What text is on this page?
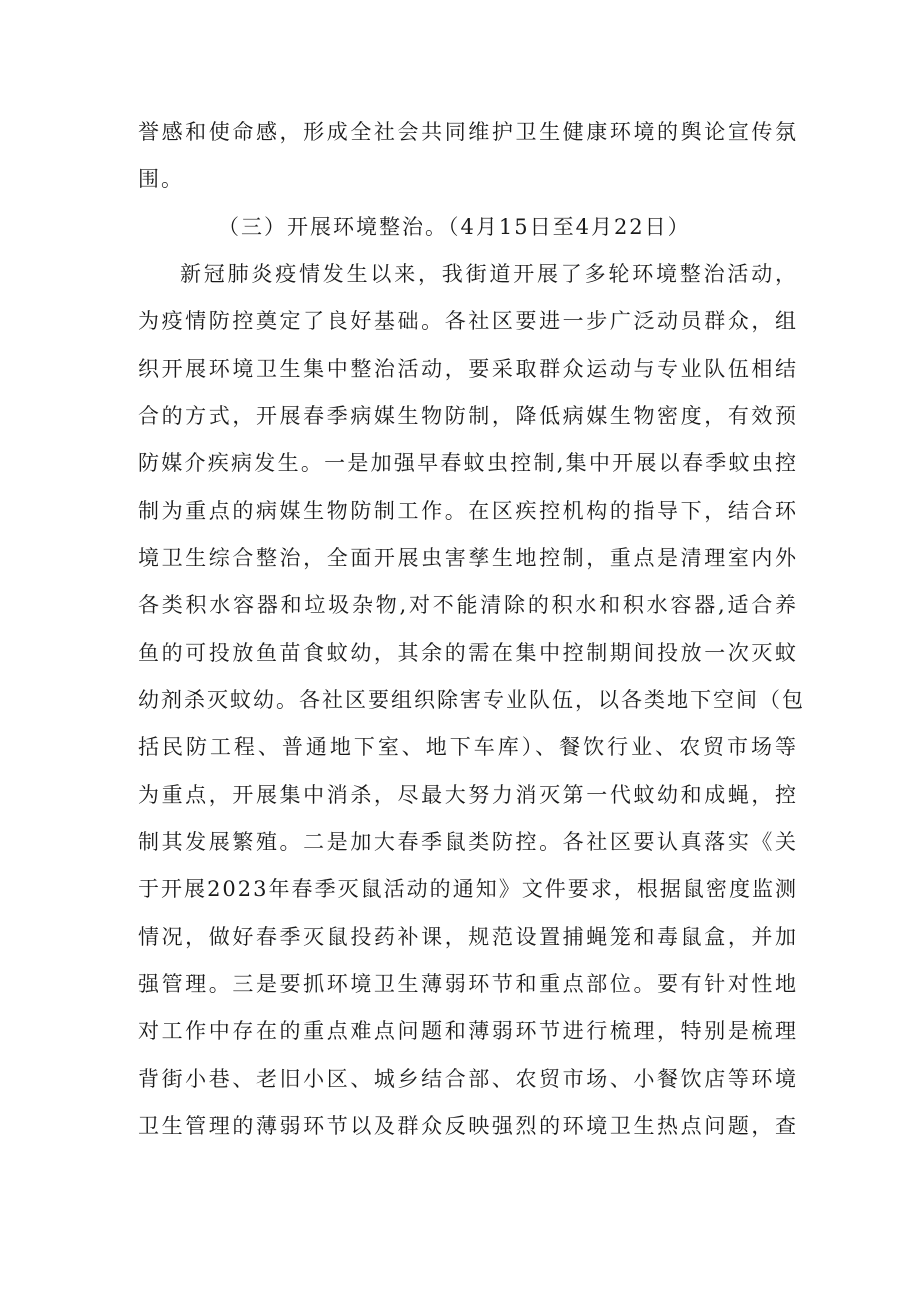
誉感和使命感，形成全社会共同维护卫生健康环境的舆论宣传氛
围。
（三）开展环境整治。（4月15日至4月22日）
新冠肺炎疫情发生以来，我街道开展了多轮环境整治活动，
为疫情防控奠定了良好基础。各社区要进一步广泛动员群众，组
织开展环境卫生集中整治活动，要采取群众运动与专业队伍相结
合的方式，开展春季病媒生物防制，降低病媒生物密度，有效预
防媒介疾病发生。一是加强早春蚊虫控制,集中开展以春季蚊虫控
制为重点的病媒生物防制工作。在区疾控机构的指导下，结合环
境卫生综合整治，全面开展虫害孳生地控制，重点是清理室内外
各类积水容器和垃圾杂物,对不能清除的积水和积水容器,适合养
鱼的可投放鱼苗食蚊幼，其余的需在集中控制期间投放一次灭蚊
幼剂杀灭蚊幼。各社区要组织除害专业队伍，以各类地下空间（包
括民防工程、普通地下室、地下车库）、餐饮行业、农贸市场等
为重点，开展集中消杀，尽最大努力消灭第一代蚊幼和成蝇，控
制其发展繁殖。二是加大春季鼠类防控。各社区要认真落实《关
于开展2023年春季灭鼠活动的通知》文件要求，根据鼠密度监测
情况，做好春季灭鼠投药补课，规范设置捕蝇笼和毒鼠盒，并加
强管理。三是要抓环境卫生薄弱环节和重点部位。要有针对性地
对工作中存在的重点难点问题和薄弱环节进行梳理，特别是梳理
背街小巷、老旧小区、城乡结合部、农贸市场、小餐饮店等环境
卫生管理的薄弱环节以及群众反映强烈的环境卫生热点问题，查
